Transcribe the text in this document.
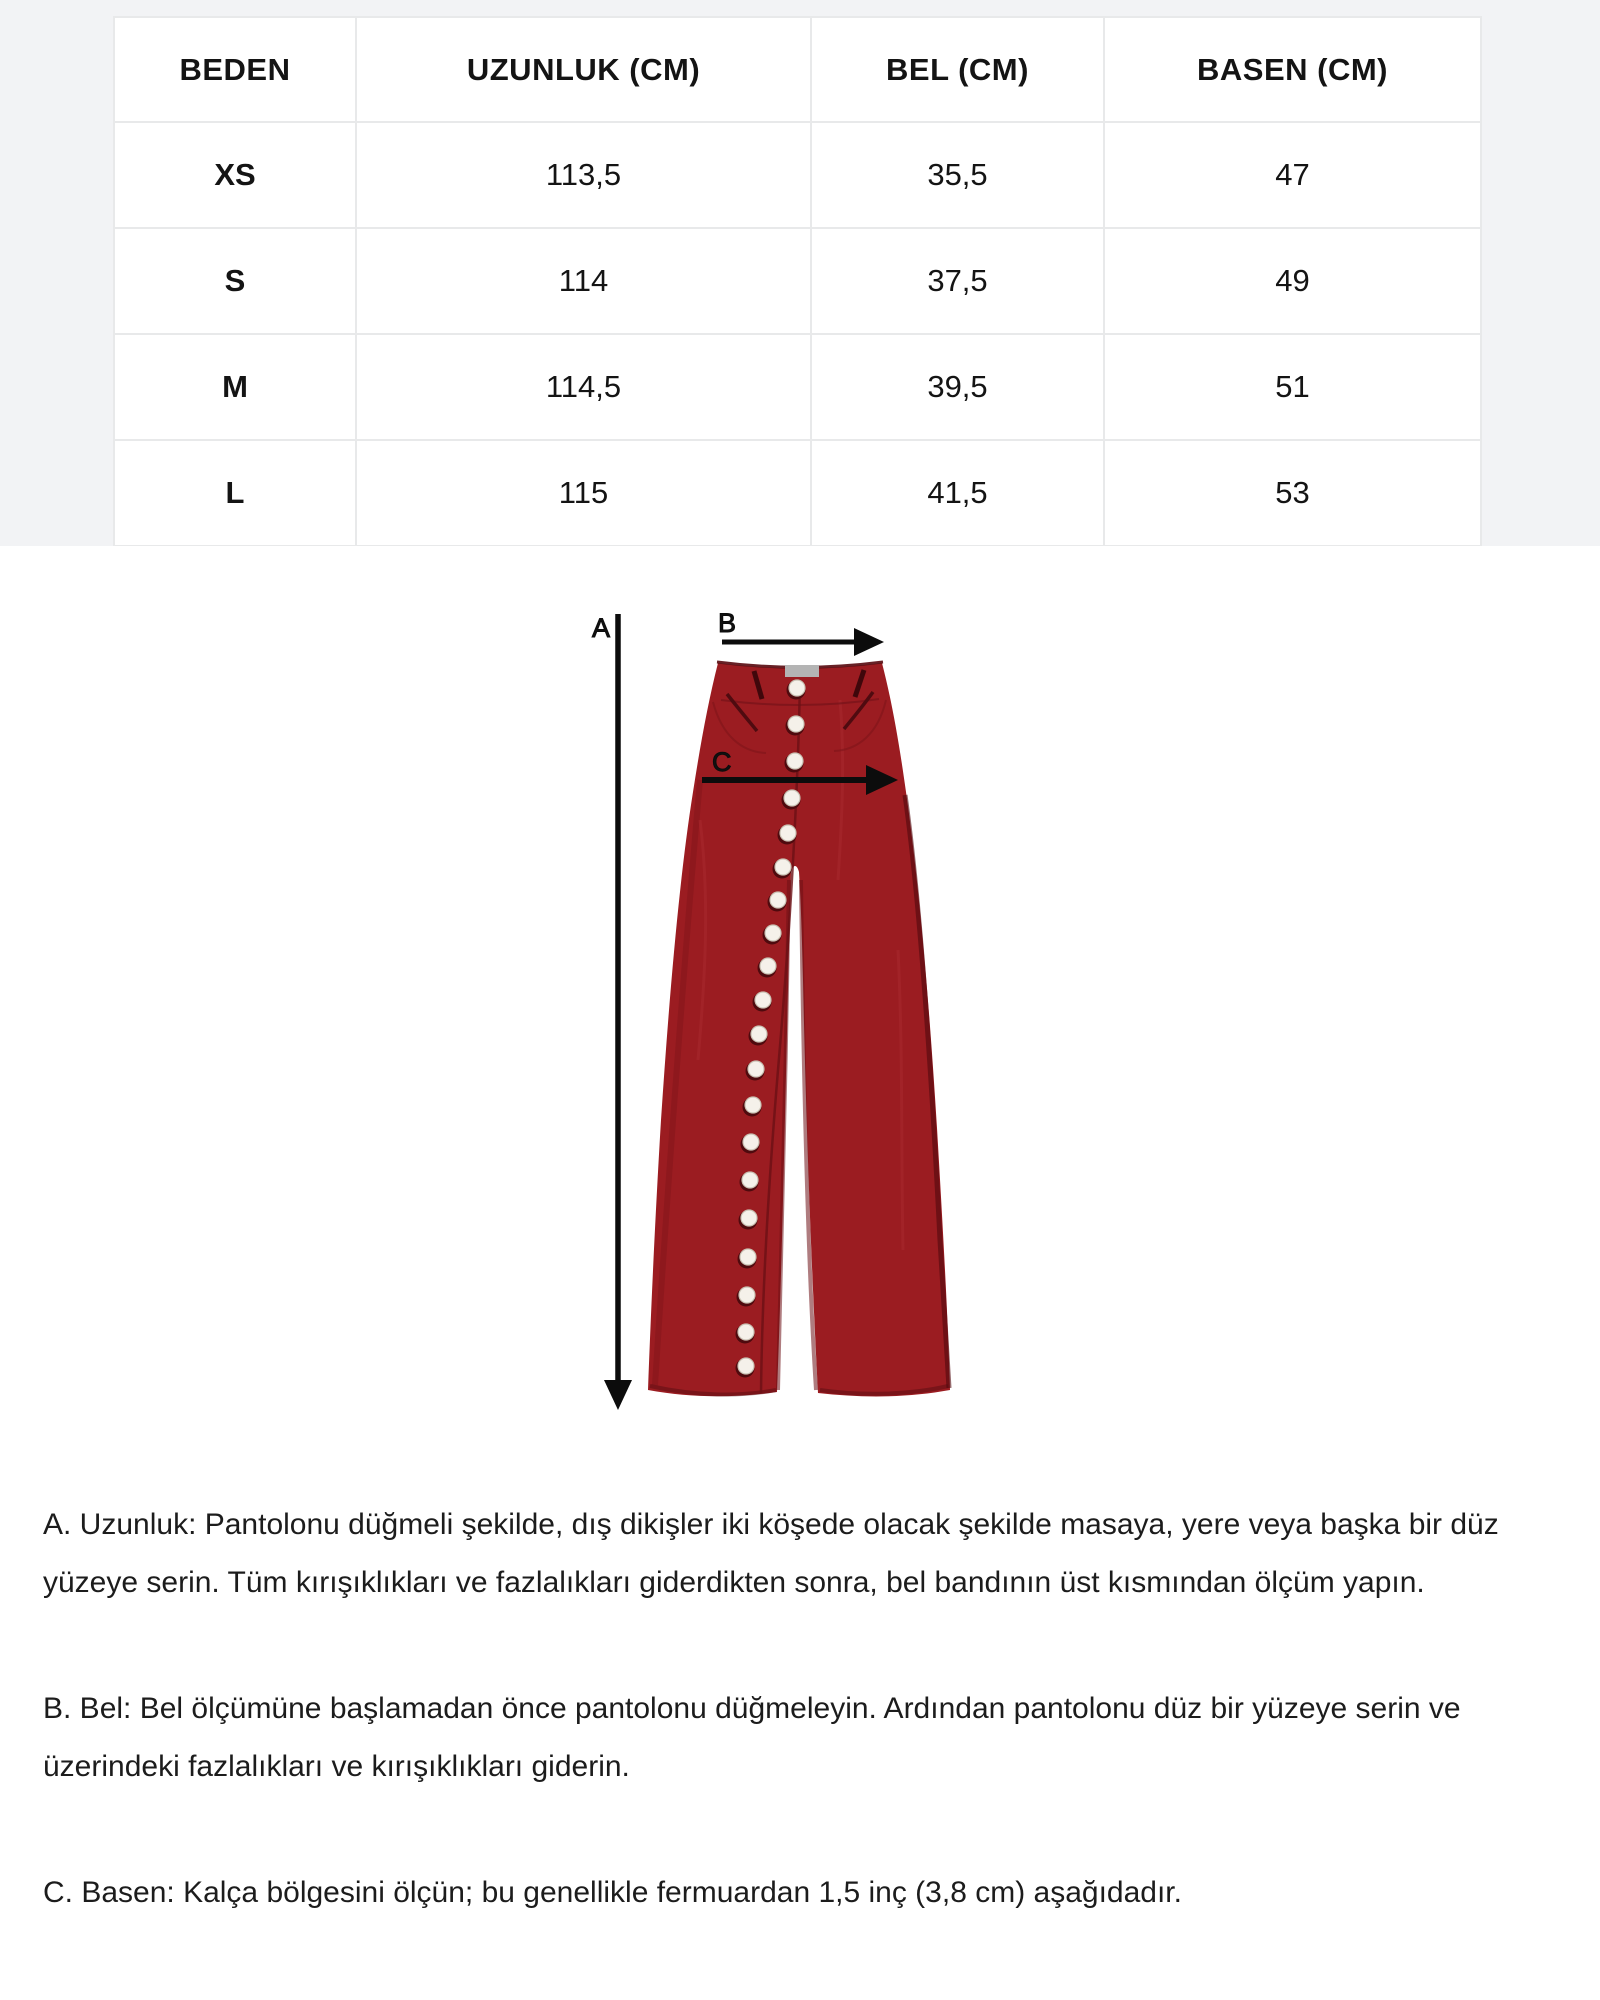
BEDEN	UZUNLUK (CM)	BEL (CM)	BASEN (CM)
XS	113,5	35,5	47
S	114	37,5	49
M	114,5	39,5	51
L	115	41,5	53
A	B
C

A. Uzunluk: Pantolonu düğmeli şekilde, dış dikişler iki köşede olacak şekilde masaya, yere veya başka bir düz yüzeye serin. Tüm kırışıklıkları ve fazlalıkları giderdikten sonra, bel bandının üst kısmından ölçüm yapın.

B. Bel: Bel ölçümüne başlamadan önce pantolonu düğmeleyin. Ardından pantolonu düz bir yüzeye serin ve üzerindeki fazlalıkları ve kırışıklıkları giderin.

C. Basen: Kalça bölgesini ölçün; bu genellikle fermuardan 1,5 inç (3,8 cm) aşağıdadır.
